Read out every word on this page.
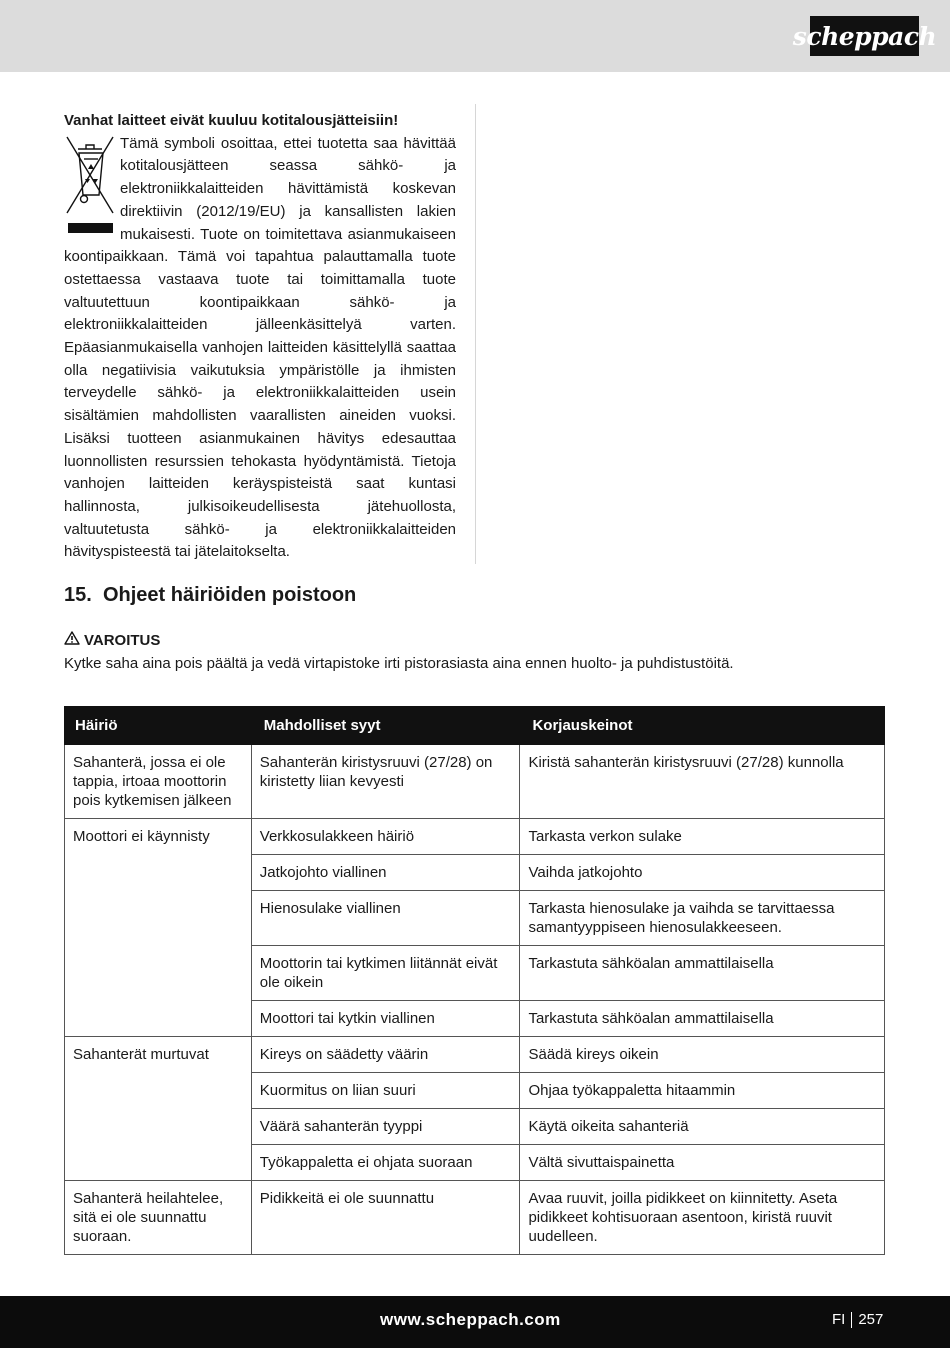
scheppach
Vanhat laitteet eivät kuuluu kotitalousjätteisiin!

Tämä symboli osoittaa, ettei tuotetta saa hävittää kotitalousjätteen seassa sähkö- ja elektroniikkalaitteiden hävittämistä koskevan direktiivin (2012/19/EU) ja kansallisten lakien mukaisesti. Tuote on toimitettava asianmukaiseen koontipaikkaan. Tämä voi tapahtua palauttamalla tuote ostettaessa vastaava tuote tai toimittamalla tuote valtuutettuun koontipaikkaan sähkö- ja elektroniikkalaitteiden jälleenkäsittelyä varten. Epäasianmukaisella vanhojen laitteiden käsittelyllä saattaa olla negatiivisia vaikutuksia ympäristölle ja ihmisten terveydelle sähkö- ja elektroniikkalaitteiden usein sisältämien mahdollisten vaarallisten aineiden vuoksi. Lisäksi tuotteen asianmukainen hävitys edesauttaa luonnollisten resurssien tehokasta hyödyntämistä. Tietoja vanhojen laitteiden keräyspisteistä saat kuntasi hallinnosta, julkisoikeudellisesta jätehuollosta, valtuutetusta sähkö- ja elektroniikkalaitteiden hävityspisteestä tai jätelaitokselta.

15. Ohjeet häiriöiden poistoon
VAROITUS
Kytke saha aina pois päältä ja vedä virtapistoke irti pistorasiasta aina ennen huolto- ja puhdistustöitä.
Häiriö	Mahdolliset syyt	Korjauskeinot
Sahanterä, jossa ei ole tappia, irtoaa moottorin pois kytkemisen jälkeen	Sahanterän kiristysruuvi (27/28) on kiristetty liian kevyesti	Kiristä sahanterän kiristysruuvi (27/28) kunnolla
Moottori ei käynnisty	Verkkosulakkeen häiriö	Tarkasta verkon sulake
	Jatkojohto viallinen	Vaihda jatkojohto
	Hienosulake viallinen	Tarkasta hienosulake ja vaihda se tarvittaessa samantyyppiseen hienosulakkeeseen.
	Moottorin tai kytkimen liitännät eivät ole oikein	Tarkastuta sähköalan ammattilaisella
	Moottori tai kytkin viallinen	Tarkastuta sähköalan ammattilaisella
Sahanterät murtuvat	Kireys on säädetty väärin	Säädä kireys oikein
	Kuormitus on liian suuri	Ohjaa työkappaletta hitaammin
	Väärä sahanterän tyyppi	Käytä oikeita sahanteriä
	Työkappaletta ei ohjata suoraan	Vältä sivuttaispainetta
Sahanterä heilahtelee, sitä ei ole suunnattu suoraan.	Pidikkeitä ei ole suunnattu	Avaa ruuvit, joilla pidikkeet on kiinnitetty. Aseta pidikkeet kohtisuoraan asentoon, kiristä ruuvit uudelleen.
www.scheppach.com	FI 257
